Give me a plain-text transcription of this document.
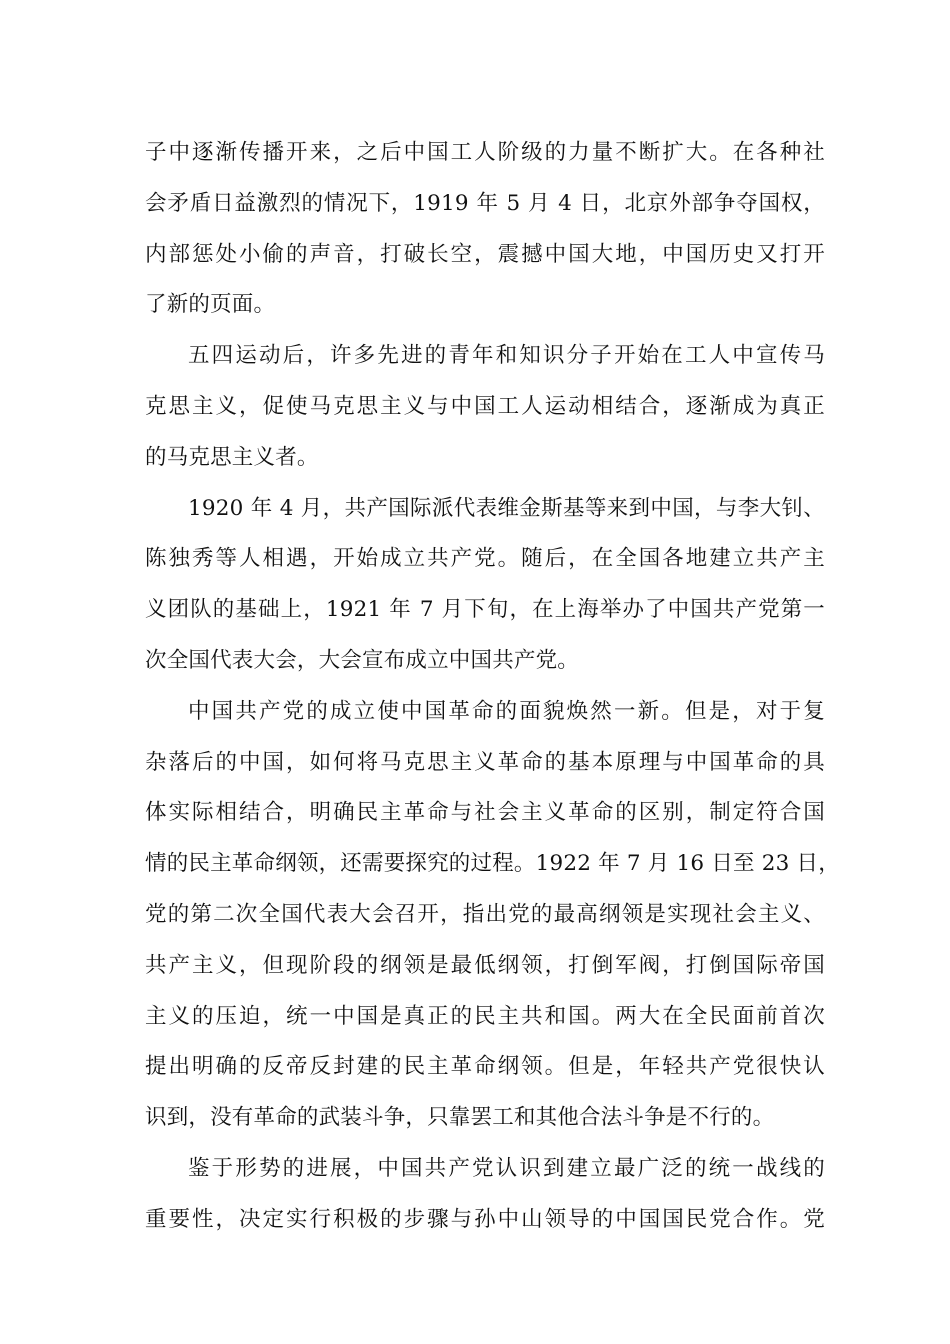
子中逐渐传播开来，之后中国工人阶级的力量不断扩大。在各种社
会矛盾日益激烈的情况下，1919 年 5 月 4 日，北京外部争夺国权，
内部惩处小偷的声音，打破长空，震撼中国大地，中国历史又打开
了新的页面。
五四运动后，许多先进的青年和知识分子开始在工人中宣传马
克思主义，促使马克思主义与中国工人运动相结合，逐渐成为真正
的马克思主义者。
1920 年 4 月，共产国际派代表维金斯基等来到中国，与李大钊、
陈独秀等人相遇，开始成立共产党。随后，在全国各地建立共产主
义团队的基础上，1921 年 7 月下旬，在上海举办了中国共产党第一
次全国代表大会，大会宣布成立中国共产党。
中国共产党的成立使中国革命的面貌焕然一新。但是，对于复
杂落后的中国，如何将马克思主义革命的基本原理与中国革命的具
体实际相结合，明确民主革命与社会主义革命的区别，制定符合国
情的民主革命纲领，还需要探究的过程。1922 年 7 月 16 日至 23 日，
党的第二次全国代表大会召开，指出党的最高纲领是实现社会主义、
共产主义，但现阶段的纲领是最低纲领，打倒军阀，打倒国际帝国
主义的压迫，统一中国是真正的民主共和国。两大在全民面前首次
提出明确的反帝反封建的民主革命纲领。但是，年轻共产党很快认
识到，没有革命的武装斗争，只靠罢工和其他合法斗争是不行的。
鉴于形势的进展，中国共产党认识到建立最广泛的统一战线的
重要性，决定实行积极的步骤与孙中山领导的中国国民党合作。党
